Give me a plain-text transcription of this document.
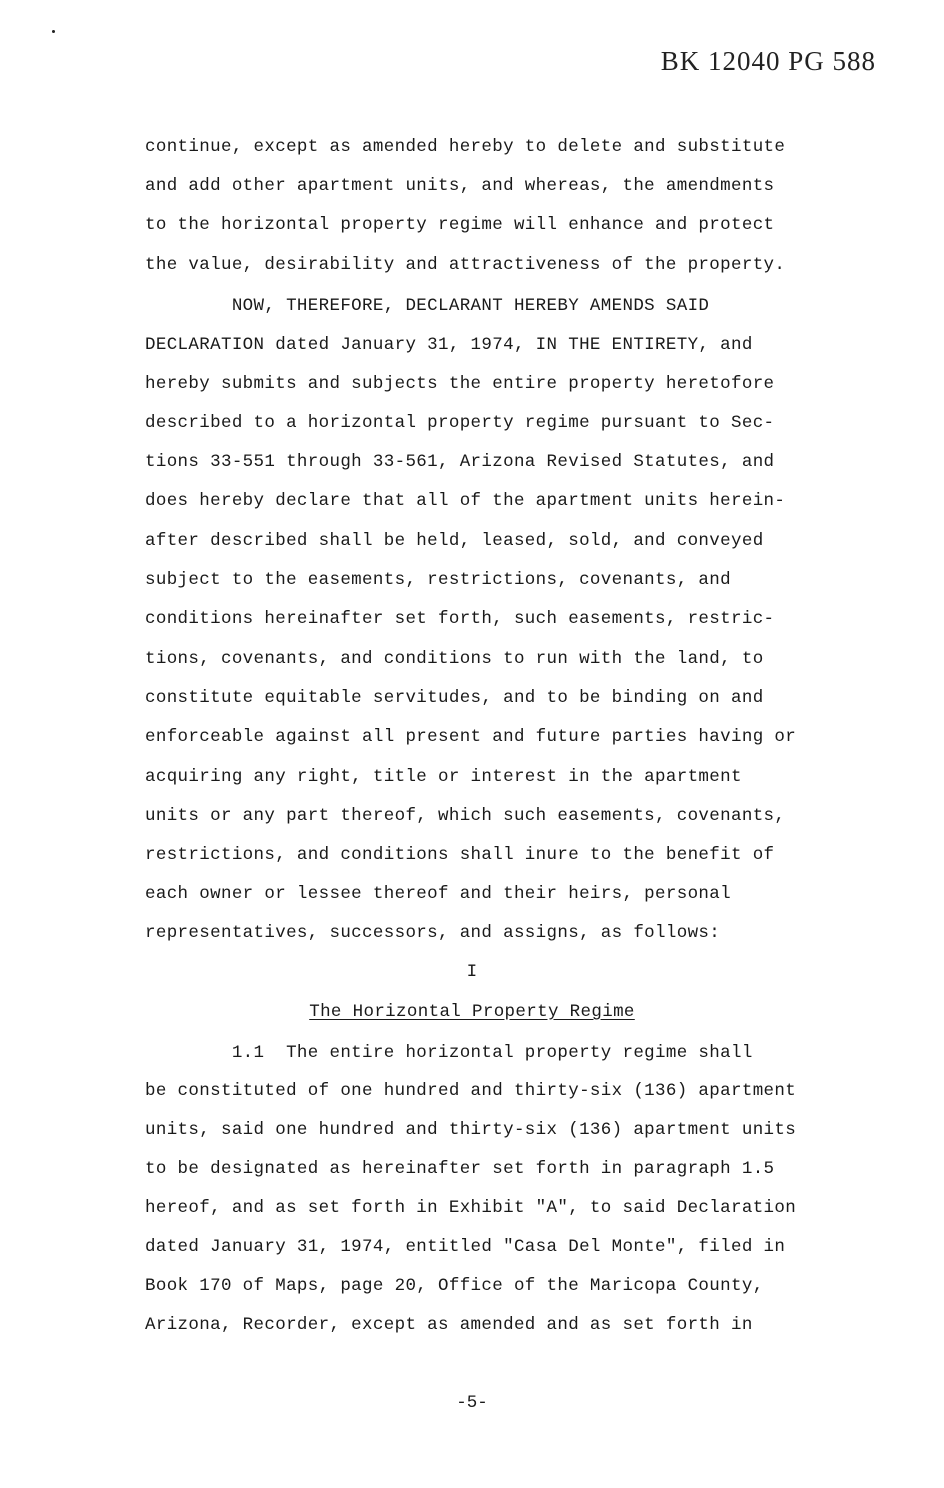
BK 12040 PG 588
continue, except as amended hereby to delete and substitute
and add other apartment units, and whereas, the amendments
to the horizontal property regime will enhance and protect
the value, desirability and attractiveness of the property.
NOW, THEREFORE, DECLARANT HEREBY AMENDS SAID
DECLARATION dated January 31, 1974, IN THE ENTIRETY, and
hereby submits and subjects the entire property heretofore
described to a horizontal property regime pursuant to Sec-
tions 33-551 through 33-561, Arizona Revised Statutes, and
does hereby declare that all of the apartment units herein-
after described shall be held, leased, sold, and conveyed
subject to the easements, restrictions, covenants, and
conditions hereinafter set forth, such easements, restric-
tions, covenants, and conditions to run with the land, to
constitute equitable servitudes, and to be binding on and
enforceable against all present and future parties having or
acquiring any right, title or interest in the apartment
units or any part thereof, which such easements, covenants,
restrictions, and conditions shall inure to the benefit of
each owner or lessee thereof and their heirs, personal
representatives, successors, and assigns, as follows:
I
The Horizontal Property Regime
1.1  The entire horizontal property regime shall
be constituted of one hundred and thirty-six (136) apartment
units, said one hundred and thirty-six (136) apartment units
to be designated as hereinafter set forth in paragraph 1.5
hereof, and as set forth in Exhibit "A", to said Declaration
dated January 31, 1974, entitled "Casa Del Monte", filed in
Book 170 of Maps, page 20, Office of the Maricopa County,
Arizona, Recorder, except as amended and as set forth in
-5-
